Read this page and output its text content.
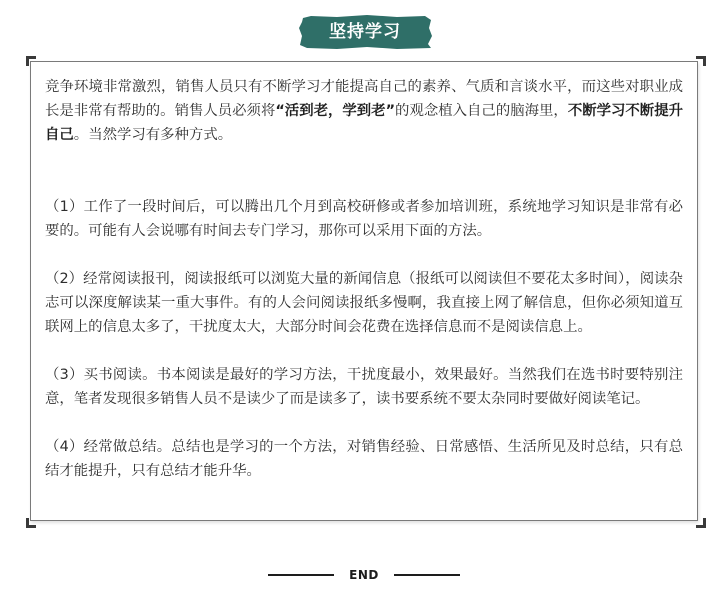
坚持学习

竞争环境非常激烈，销售人员只有不断学习才能提高自己的素养、气质和言谈水平，而这些对职业成长是非常有帮助的。销售人员必须将“活到老，学到老”的观念植入自己的脑海里，不断学习不断提升自己。当然学习有多种方式。

（1）工作了一段时间后，可以腾出几个月到高校研修或者参加培训班，系统地学习知识是非常有必要的。可能有人会说哪有时间去专门学习，那你可以采用下面的方法。

（2）经常阅读报刊，阅读报纸可以浏览大量的新闻信息（报纸可以阅读但不要花太多时间），阅读杂志可以深度解读某一重大事件。有的人会问阅读报纸多慢啊，我直接上网了解信息，但你必须知道互联网上的信息太多了，干扰度太大，大部分时间会花费在选择信息而不是阅读信息上。

（3）买书阅读。书本阅读是最好的学习方法，干扰度最小，效果最好。当然我们在选书时要特别注意，笔者发现很多销售人员不是读少了而是读多了，读书要系统不要太杂同时要做好阅读笔记。

（4）经常做总结。总结也是学习的一个方法，对销售经验、日常感悟、生活所见及时总结，只有总结才能提升，只有总结才能升华。

END
